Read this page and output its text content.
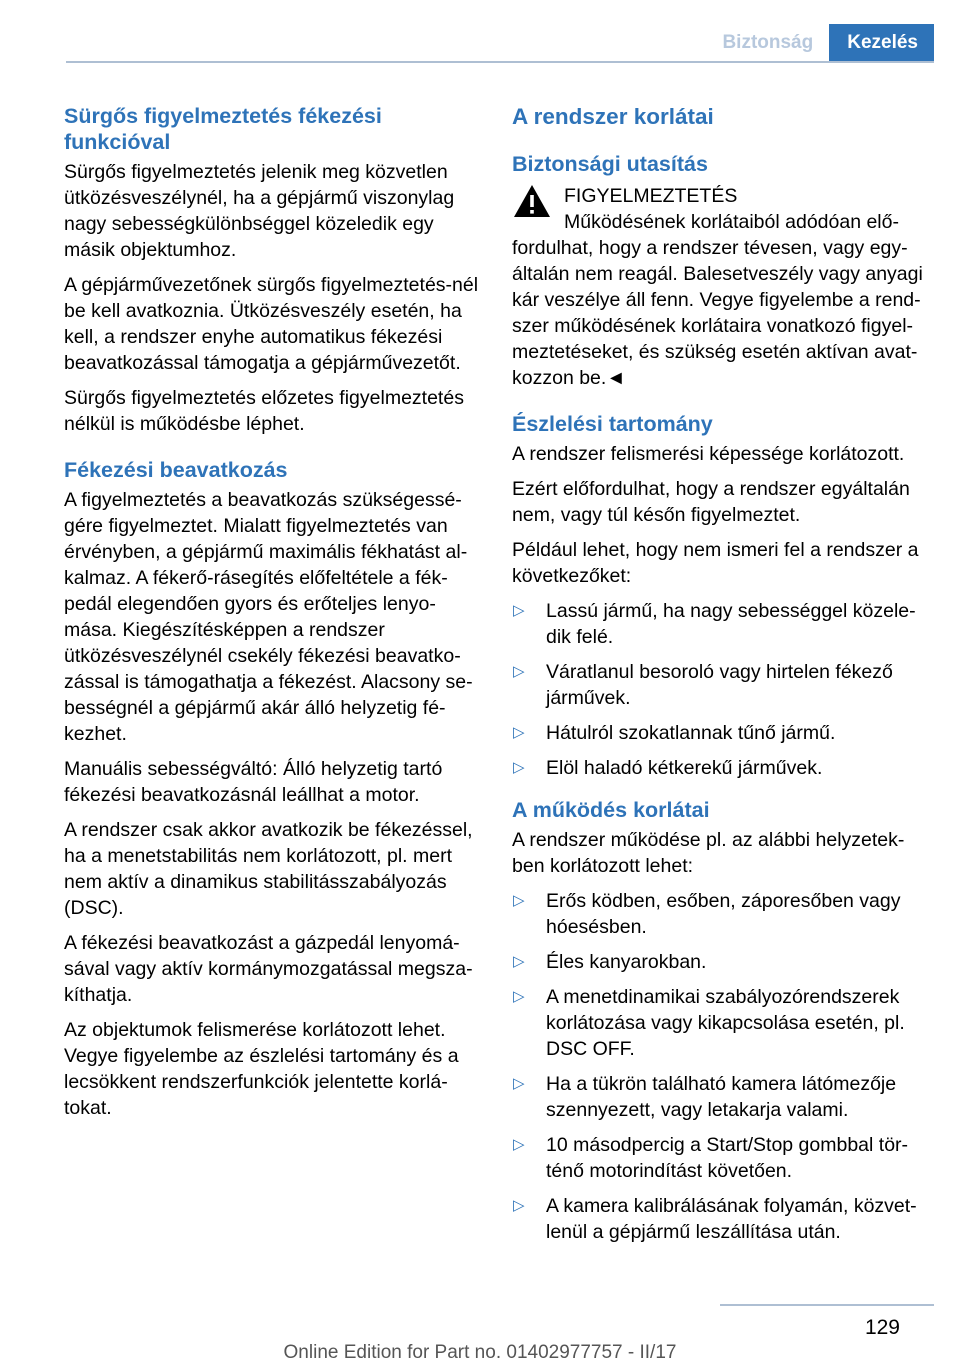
Biztonság	Kezelés
Sürgős figyelmeztetés fékezési funkcióval

Sürgős figyelmeztetés jelenik meg közvetlen ütközésveszélynél, ha a gépjármű viszonylag nagy sebességkülönbséggel közeledik egy másik objektumhoz.

A gépjárművezetőnek sürgős figyelmeztetés-nél be kell avatkoznia. Ütközésveszély esetén, ha kell, a rendszer enyhe automatikus fékezési beavatkozással támogatja a gépjárművezetőt.

Sürgős figyelmeztetés előzetes figyelmeztetés nélkül is működésbe léphet.

Fékezési beavatkozás

A figyelmeztetés a beavatkozás szükségessé-gére figyelmeztet. Mialatt figyelmeztetés van érvényben, a gépjármű maximális fékhatást al-kalmaz. A fékerő-rásegítés előfeltétele a fék-pedál elegendően gyors és erőteljes lenyo-mása. Kiegészítésképpen a rendszer ütközésveszélynél csekély fékezési beavatko-zással is támogathatja a fékezést. Alacsony se-bességnél a gépjármű akár álló helyzetig fé-kezhet.

Manuális sebességváltó: Álló helyzetig tartó fékezési beavatkozásnál leállhat a motor.

A rendszer csak akkor avatkozik be fékezéssel, ha a menetstabilitás nem korlátozott, pl. mert nem aktív a dinamikus stabilitásszabályozás (DSC).

A fékezési beavatkozást a gázpedál lenyomá-sával vagy aktív kormánymozgatással megsza-kíthatja.

Az objektumok felismerése korlátozott lehet. Vegye figyelembe az észlelési tartomány és a lecsökkent rendszerfunkciók jelentette korlá-tokat.

A rendszer korlátai
Biztonsági utasítás
FIGYELMEZTETÉS
Működésének korlátaiból adódóan elő-fordulhat, hogy a rendszer tévesen, vagy egy-általán nem reagál. Balesetveszély vagy anyagi kár veszélye áll fenn. Vegye figyelembe a rend-szer működésének korlátaira vonatkozó figyel-meztetéseket, és szükség esetén aktívan avat-kozzon be.◄
Észlelési tartomány

A rendszer felismerési képessége korlátozott.

Ezért előfordulhat, hogy a rendszer egyáltalán nem, vagy túl későn figyelmeztet.

Például lehet, hogy nem ismeri fel a rendszer a következőket:

▷ Lassú jármű, ha nagy sebességgel közele-dik felé.
▷ Váratlanul besoroló vagy hirtelen fékező járművek.
▷ Hátulról szokatlannak tűnő jármű.
▷ Elöl haladó kétkerekű járművek.
A működés korlátai

A rendszer működése pl. az alábbi helyzetek-ben korlátozott lehet:

▷ Erős ködben, esőben, záporesőben vagy hóesésben.
▷ Éles kanyarokban.
▷ A menetdinamikai szabályozórendszerek korlátozása vagy kikapcsolása esetén, pl. DSC OFF.
▷ Ha a tükrön található kamera látómezője szennyezett, vagy letakarja valami.
▷ 10 másodpercig a Start/Stop gombbal tör-ténő motorindítást követően.
▷ A kamera kalibrálásának folyamán, közvet-lenül a gépjármű leszállítása után.
129
Online Edition for Part no. 01402977757 - II/17
